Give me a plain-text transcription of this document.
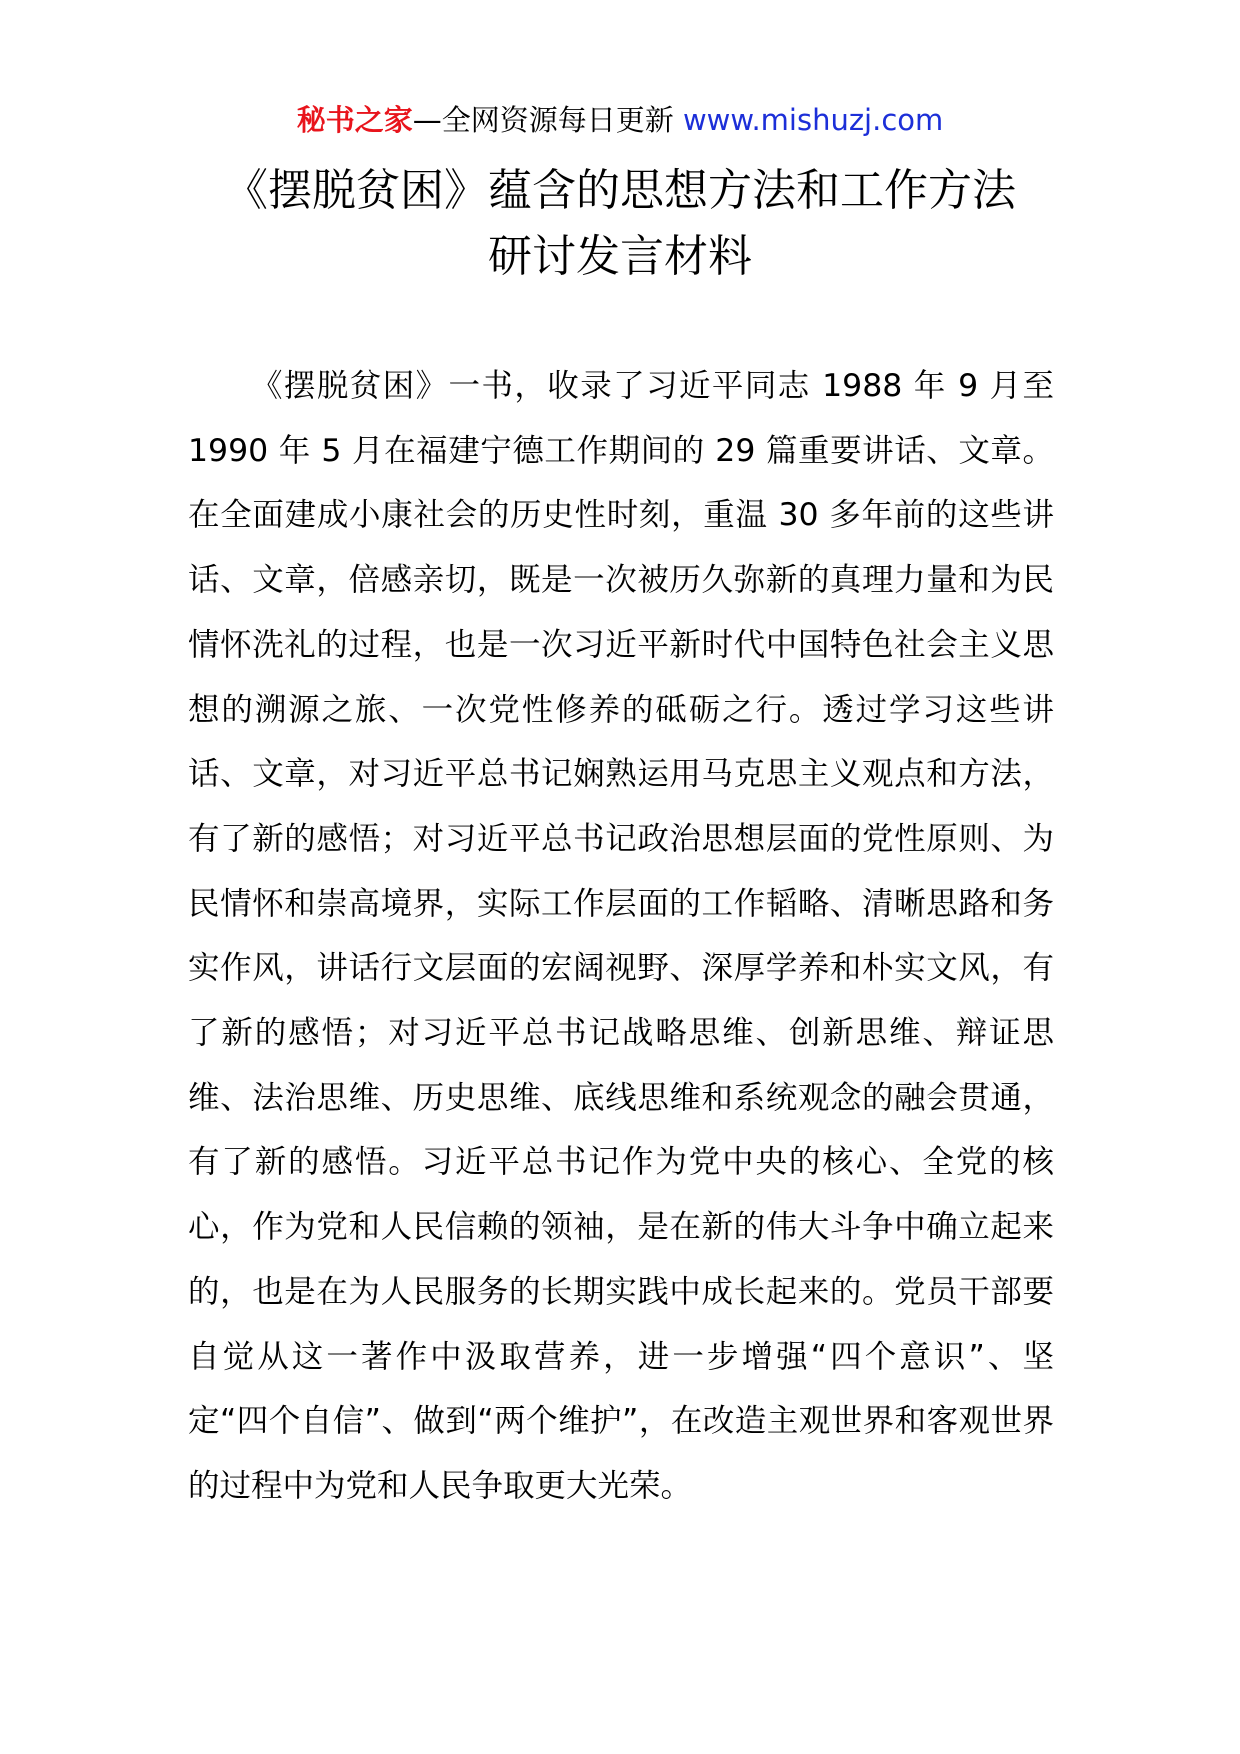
秘书之家—全网资源每日更新 www.mishuzj.com
《摆脱贫困》蕴含的思想方法和工作方法
研讨发言材料

《摆脱贫困》一书，收录了习近平同志 1988 年 9 月至 1990 年 5 月在福建宁德工作期间的 29 篇重要讲话、文章。在全面建成小康社会的历史性时刻，重温 30 多年前的这些讲话、文章，倍感亲切，既是一次被历久弥新的真理力量和为民情怀洗礼的过程，也是一次习近平新时代中国特色社会主义思想的溯源之旅、一次党性修养的砥砺之行。透过学习这些讲话、文章，对习近平总书记娴熟运用马克思主义观点和方法，有了新的感悟；对习近平总书记政治思想层面的党性原则、为民情怀和崇高境界，实际工作层面的工作韬略、清晰思路和务实作风，讲话行文层面的宏阔视野、深厚学养和朴实文风，有了新的感悟；对习近平总书记战略思维、创新思维、辩证思维、法治思维、历史思维、底线思维和系统观念的融会贯通，有了新的感悟。习近平总书记作为党中央的核心、全党的核心，作为党和人民信赖的领袖，是在新的伟大斗争中确立起来的，也是在为人民服务的长期实践中成长起来的。党员干部要自觉从这一著作中汲取营养，进一步增强“四个意识”、坚定“四个自信”、做到“两个维护”，在改造主观世界和客观世界的过程中为党和人民争取更大光荣。
